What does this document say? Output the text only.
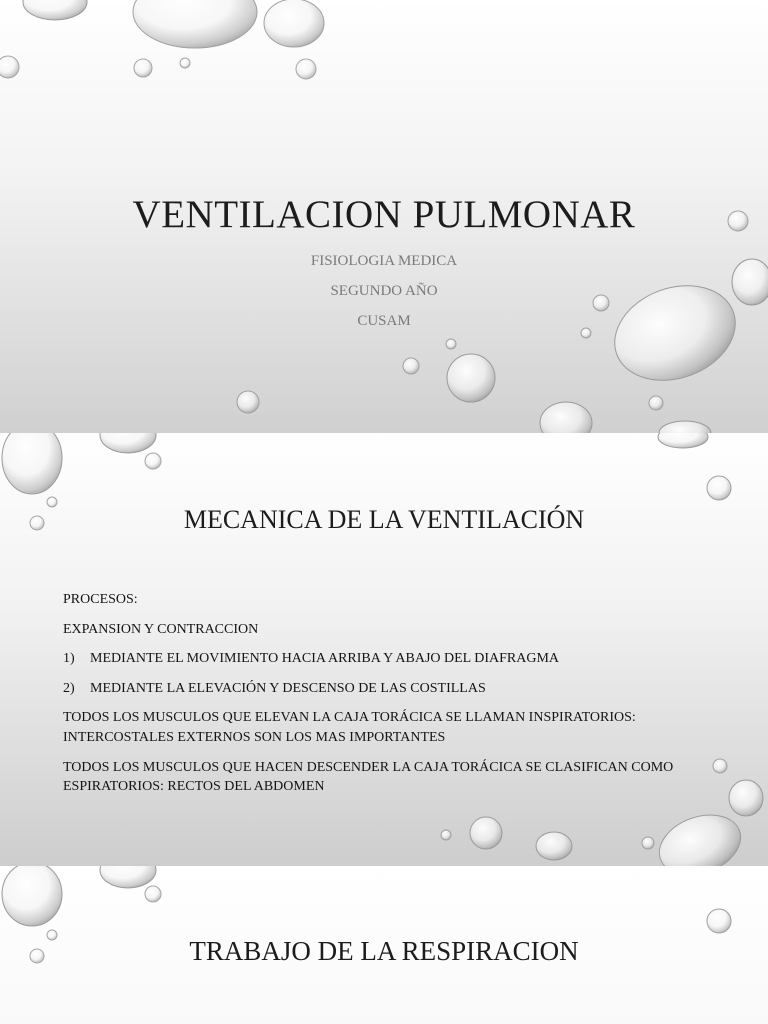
VENTILACION PULMONAR
FISIOLOGIA MEDICA
SEGUNDO AÑO
CUSAM
MECANICA DE LA VENTILACIÓN

PROCESOS:

EXPANSION Y CONTRACCION

1)	MEDIANTE EL MOVIMIENTO HACIA ARRIBA Y ABAJO DEL DIAFRAGMA
2)	MEDIANTE LA ELEVACIÓN Y DESCENSO DE LAS COSTILLAS

TODOS LOS MUSCULOS QUE ELEVAN LA CAJA TORÁCICA SE LLAMAN INSPIRATORIOS: INTERCOSTALES EXTERNOS SON LOS MAS IMPORTANTES

TODOS LOS MUSCULOS QUE HACEN DESCENDER LA CAJA TORÁCICA SE CLASIFICAN COMO ESPIRATORIOS: RECTOS DEL ABDOMEN

TRABAJO DE LA RESPIRACION
